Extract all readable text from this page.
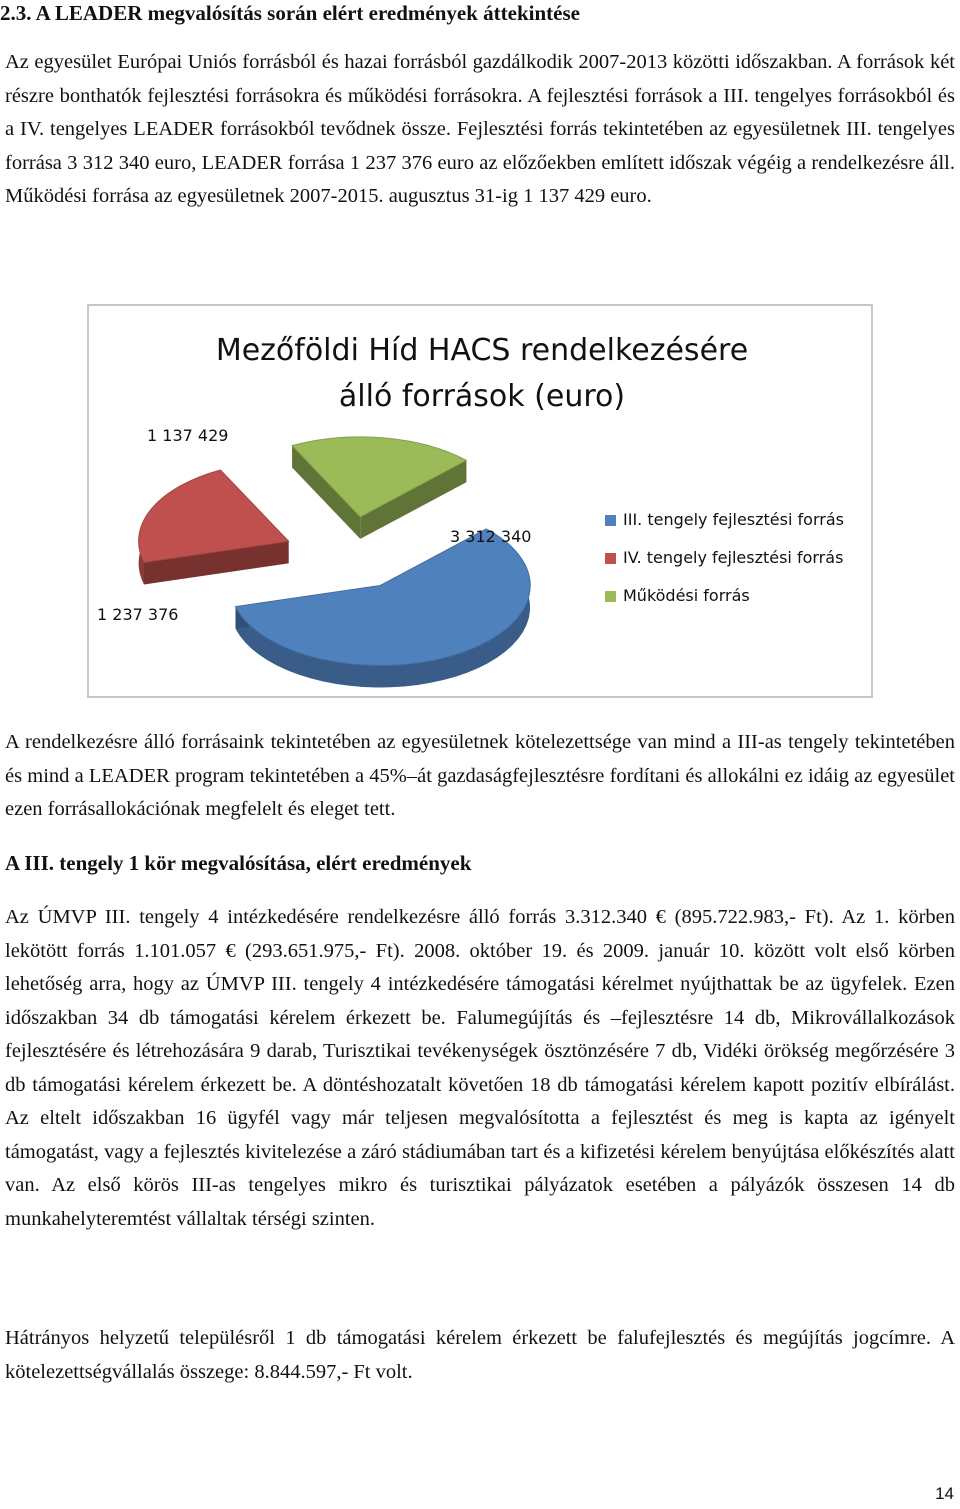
2.3. A LEADER megvalósítás során elért eredmények áttekintése

Az egyesület Európai Uniós forrásból és hazai forrásból gazdálkodik 2007-2013 közötti időszakban. A források két részre bonthatók fejlesztési forrásokra és működési forrásokra. A fejlesztési források a III. tengelyes forrásokból és a IV. tengelyes LEADER forrásokból tevődnek össze. Fejlesztési forrás tekintetében az egyesületnek III. tengelyes forrása 3 312 340 euro, LEADER forrása 1 237 376 euro az előzőekben említett időszak végéig a rendelkezésre áll. Működési forrása az egyesületnek 2007-2015. augusztus 31-ig 1 137 429 euro.

Mezőföldi Híd HACS rendelkezésére
álló források (euro)
1 137 429
3 312 340
1 237 376
III. tengely fejlesztési forrás
IV. tengely fejlesztési forrás
Működési forrás

A rendelkezésre álló forrásaink tekintetében az egyesületnek kötelezettsége van mind a III-as tengely tekintetében és mind a LEADER program tekintetében a 45%–át gazdaságfejlesztésre fordítani és allokálni ez idáig az egyesület ezen forrásallokációnak megfelelt és eleget tett.

A III. tengely 1 kör megvalósítása, elért eredmények

Az ÚMVP III. tengely 4 intézkedésére rendelkezésre álló forrás 3.312.340 € (895.722.983,- Ft). Az 1. körben lekötött forrás 1.101.057 € (293.651.975,- Ft). 2008. október 19. és 2009. január 10. között volt első körben lehetőség arra, hogy az ÚMVP III. tengely 4 intézkedésére támogatási kérelmet nyújthattak be az ügyfelek. Ezen időszakban 34 db támogatási kérelem érkezett be. Falumegújítás és –fejlesztésre 14 db, Mikrovállalkozások fejlesztésére és létrehozására 9 darab, Turisztikai tevékenységek ösztönzésére 7 db, Vidéki örökség megőrzésére 3 db támogatási kérelem érkezett be. A döntéshozatalt követően 18 db támogatási kérelem kapott pozitív elbírálást. Az eltelt időszakban 16 ügyfél vagy már teljesen megvalósította a fejlesztést és meg is kapta az igényelt támogatást, vagy a fejlesztés kivitelezése a záró stádiumában tart és a kifizetési kérelem benyújtása előkészítés alatt van. Az első körös III-as tengelyes mikro és turisztikai pályázatok esetében a pályázók összesen 14 db munkahelyteremtést vállaltak térségi szinten.

Hátrányos helyzetű településről 1 db támogatási kérelem érkezett be falufejlesztés és megújítás jogcímre. A kötelezettségvállalás összege: 8.844.597,- Ft volt.

14
